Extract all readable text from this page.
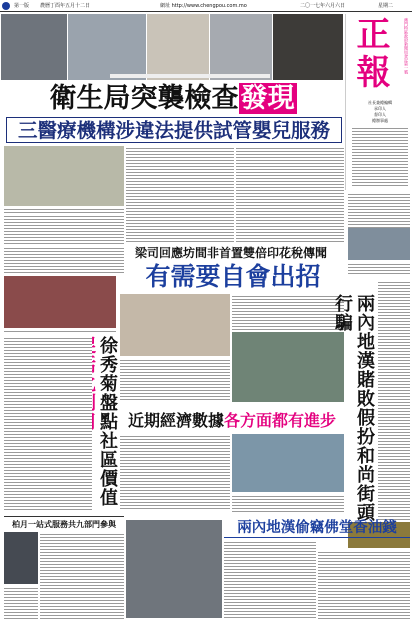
第一版 農曆丁酉年五月十二日	網址 http://www.chengpou.com.mo	二〇一七年六月六日	星期二
正報	澳門特區政府新聞局登記第一號
社長兼總編輯
承印人
督印人
總辦事處
衛生局突襲檢查發現
三醫療機構涉違法提供試管嬰兒服務
梁司回應坊間非首置雙倍印花稅傳聞
有需要自會出招
徐秀菊盤點社區價值	兩內地漢賭敗假扮和尚街頭行騙
近期經濟數據各方面都有進步
柏月一站式服務共九部門參與	兩內地漢偷竊佛堂香油錢
